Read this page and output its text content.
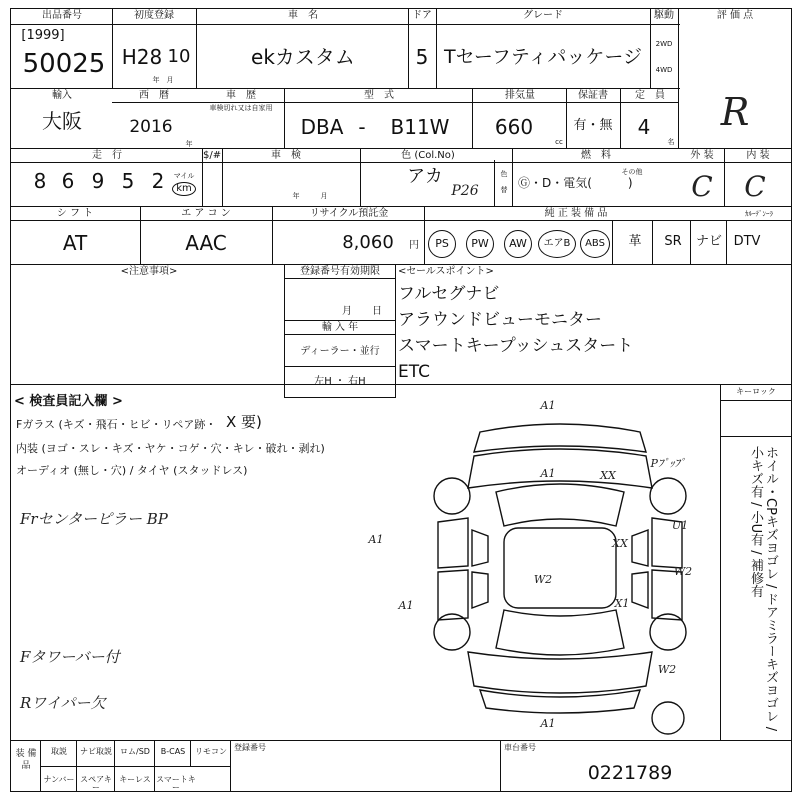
出品番号
[1999]
50025
初度登録
H28 10
年　月
車　名
ekカスタム
ドア
5
グレード
Tセーフティパッケージ
駆動
2WD
4WD
評 価 点
R
輸入
大阪
西　暦
2016
年
車　歴
車検切れ又は自家用
型　式
DBA -	B11W
排気量
660
cc
保証書
有・無
定　員
4
名
走　行
8 6 9 5 2	マイル
km
$/#	車　検
年　　　月
色 (Col.No)
アカ
P26
色
替
燃　料
Ⓖ・D・電気(　　　)
その他
外 装
C
内 装
C
シ フ ト
AT
エ ア コ ン
AAC
リサイクル預託金
8,060	円
純 正 装 備 品	ｶﾙｰﾃﾞﾝｰﾗ
PS	PW	AW	エアB	ABS	革	SR	ナビ DTV
<注意事項>	登録番号有効期限
月　　日
輸 入 年
ディーラー・並行
左H ・ 右H
<セールスポイント>
フルセグナビ
アラウンドビューモニター
スマートキープッシュスタート
ETC
< 検査員記入欄 >
Fガラス (キズ・飛石・ヒビ・リペア跡・ X 要)
内装 (ヨゴ・スレ・キズ・ヤケ・コゲ・穴・キレ・破れ・剥れ)
オーディオ (無し・穴) / タイヤ (スタッドレス)
Frセンターピラー BP
Fタワーバー付
Rワイパー欠
キーロック
ホイル・CPキズヨゴレ / ドアミラーキズヨゴレ / 小キズ有 / 小U有 / 補修有
A1
A1	XX
Pﾌﾟｯﾌﾟ
A1
A1
W2
U1
XX
W2
X1
W2
A1
装 備 品
取説	ナビ取説	ロム/SD	B-CAS	リモコン
ナンバー スペアキー
キーレス スマートキー
登録番号	車台番号
0221789
